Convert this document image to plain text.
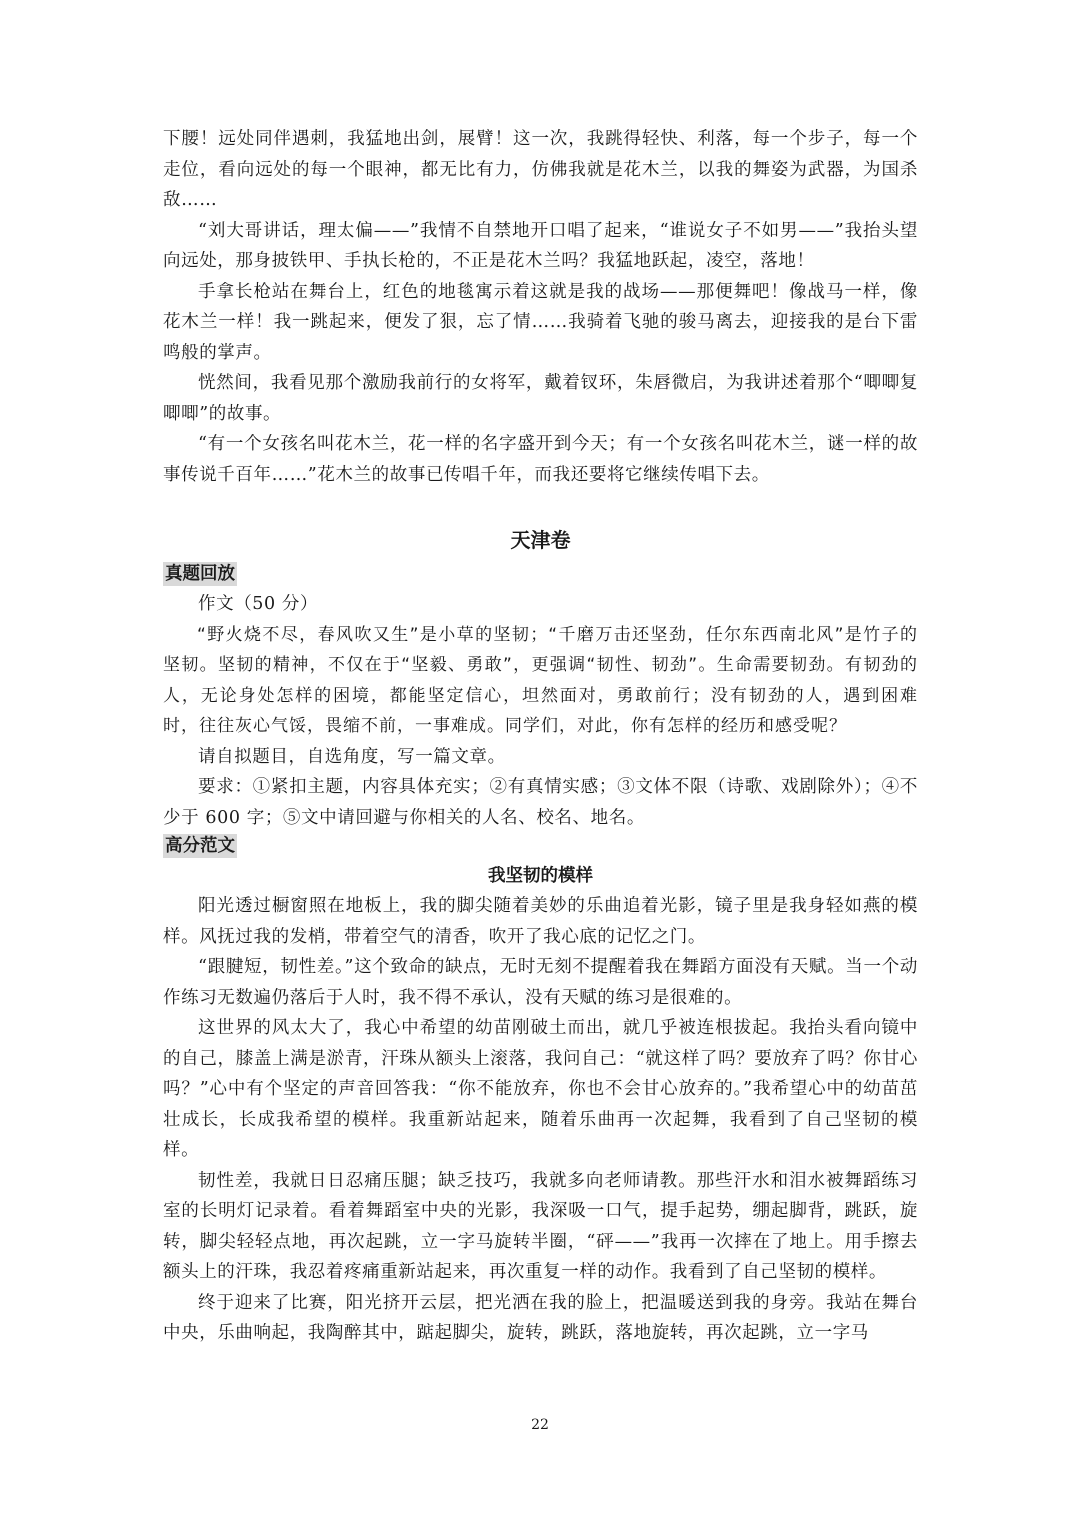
下腰！远处同伴遇刺，我猛地出剑，展臂！这一次，我跳得轻快、利落，每一个步子，每一个走位，看向远处的每一个眼神，都无比有力，仿佛我就是花木兰，以我的舞姿为武器，为国杀敌……

“刘大哥讲话，理太偏——”我情不自禁地开口唱了起来，“谁说女子不如男——”我抬头望向远处，那身披铁甲、手执长枪的，不正是花木兰吗？我猛地跃起，凌空，落地！

手拿长枪站在舞台上，红色的地毯寓示着这就是我的战场——那便舞吧！像战马一样，像花木兰一样！我一跳起来，便发了狠，忘了情……我骑着飞驰的骏马离去，迎接我的是台下雷鸣般的掌声。

恍然间，我看见那个激励我前行的女将军，戴着钗环，朱唇微启，为我讲述着那个“唧唧复唧唧”的故事。

“有一个女孩名叫花木兰，花一样的名字盛开到今天；有一个女孩名叫花木兰，谜一样的故事传说千百年……”花木兰的故事已传唱千年，而我还要将它继续传唱下去。

天津卷
真题回放

作文（50 分）

“野火烧不尽，春风吹又生”是小草的坚韧；“千磨万击还坚劲，任尔东西南北风”是竹子的坚韧。坚韧的精神，不仅在于“坚毅、勇敢”，更强调“韧性、韧劲”。生命需要韧劲。有韧劲的人，无论身处怎样的困境，都能坚定信心，坦然面对，勇敢前行；没有韧劲的人，遇到困难时，往往灰心气馁，畏缩不前，一事难成。同学们，对此，你有怎样的经历和感受呢？

请自拟题目，自选角度，写一篇文章。

要求：①紧扣主题，内容具体充实；②有真情实感；③文体不限（诗歌、戏剧除外）；④不少于 600 字；⑤文中请回避与你相关的人名、校名、地名。

高分范文
我坚韧的模样

阳光透过橱窗照在地板上，我的脚尖随着美妙的乐曲追着光影，镜子里是我身轻如燕的模样。风抚过我的发梢，带着空气的清香，吹开了我心底的记忆之门。

“跟腱短，韧性差。”这个致命的缺点，无时无刻不提醒着我在舞蹈方面没有天赋。当一个动作练习无数遍仍落后于人时，我不得不承认，没有天赋的练习是很难的。

这世界的风太大了，我心中希望的幼苗刚破土而出，就几乎被连根拔起。我抬头看向镜中的自己，膝盖上满是淤青，汗珠从额头上滚落，我问自己：“就这样了吗？要放弃了吗？你甘心吗？”心中有个坚定的声音回答我：“你不能放弃，你也不会甘心放弃的。”我希望心中的幼苗茁壮成长，长成我希望的模样。我重新站起来，随着乐曲再一次起舞，我看到了自己坚韧的模样。

韧性差，我就日日忍痛压腿；缺乏技巧，我就多向老师请教。那些汗水和泪水被舞蹈练习室的长明灯记录着。看着舞蹈室中央的光影，我深吸一口气，提手起势，绷起脚背，跳跃，旋转，脚尖轻轻点地，再次起跳，立一字马旋转半圈，“砰——”我再一次摔在了地上。用手擦去额头上的汗珠，我忍着疼痛重新站起来，再次重复一样的动作。我看到了自己坚韧的模样。

终于迎来了比赛，阳光挤开云层，把光洒在我的脸上，把温暖送到我的身旁。我站在舞台中央，乐曲响起，我陶醉其中，踮起脚尖，旋转，跳跃，落地旋转，再次起跳，立一字马

22
